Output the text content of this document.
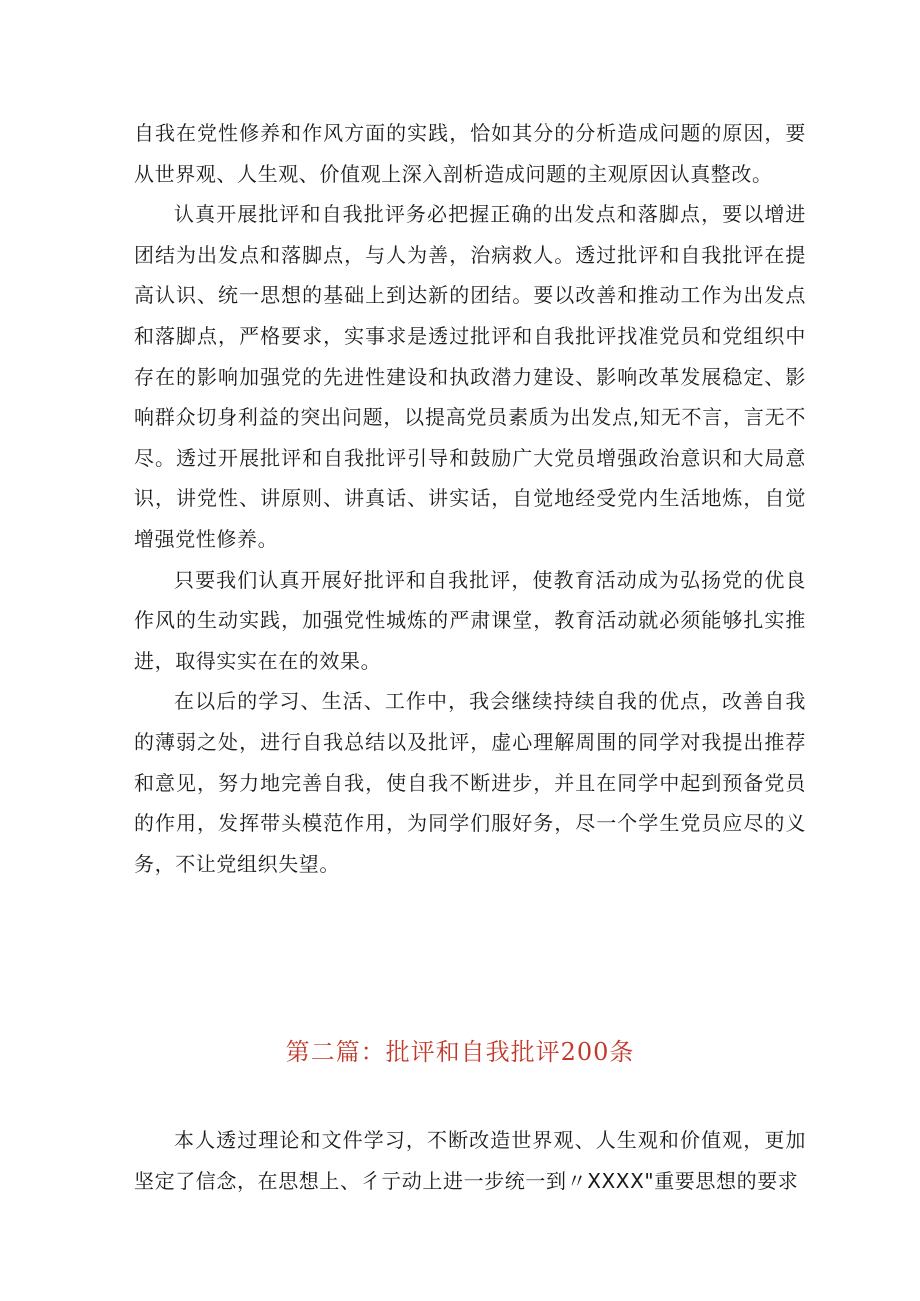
自我在党性修养和作风方面的实践，恰如其分的分析造成问题的原因，要从世界观、人生观、价值观上深入剖析造成问题的主观原因认真整改。

认真开展批评和自我批评务必把握正确的出发点和落脚点，要以增进团结为出发点和落脚点，与人为善，治病救人。透过批评和自我批评在提高认识、统一思想的基础上到达新的团结。要以改善和推动工作为出发点和落脚点，严格要求，实事求是透过批评和自我批评找准党员和党组织中存在的影响加强党的先进性建设和执政潜力建设、影响改革发展稳定、影响群众切身利益的突出问题，以提高党员素质为出发点,知无不言，言无不尽。透过开展批评和自我批评引导和鼓励广大党员增强政治意识和大局意识，讲党性、讲原则、讲真话、讲实话，自觉地经受党内生活地炼，自觉增强党性修养。

只要我们认真开展好批评和自我批评，使教育活动成为弘扬党的优良作风的生动实践，加强党性城炼的严肃课堂，教育活动就必须能够扎实推进，取得实实在在的效果。

在以后的学习、生活、工作中，我会继续持续自我的优点，改善自我的薄弱之处，进行自我总结以及批评，虚心理解周围的同学对我提出推荐和意见，努力地完善自我，使自我不断进步，并且在同学中起到预备党员的作用，发挥带头模范作用，为同学们服好务，尽一个学生党员应尽的义务，不让党组织失望。

第二篇：批评和自我批评200条

本人透过理论和文件学习，不断改造世界观、人生观和价值观，更加坚定了信念，在思想上、彳亍动上进一步统一到〃XXXX"重要思想的要求
